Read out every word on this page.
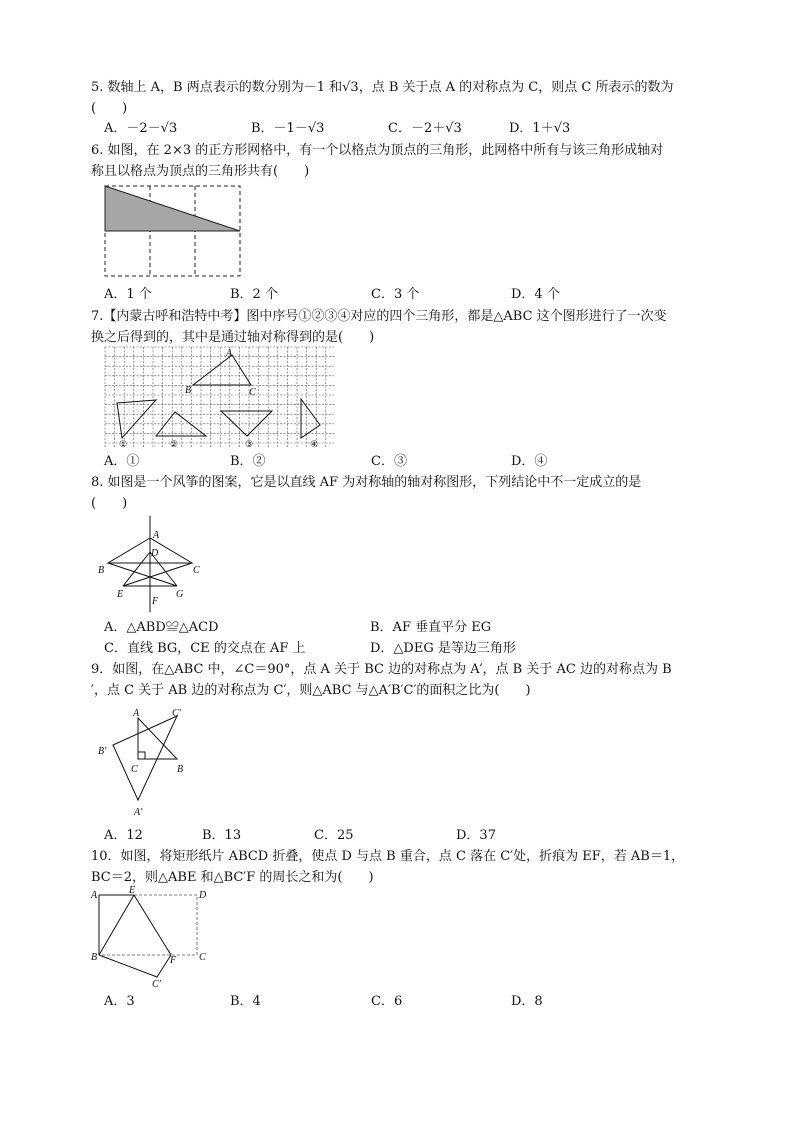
5. 数轴上 A，B 两点表示的数分别为－1 和√3，点 B 关于点 A 的对称点为 C，则点 C 所表示的数为
(　　)
A．－2－√3	B．－1－√3	C．－2＋√3	D．1＋√3
6. 如图，在 2×3 的正方形网格中，有一个以格点为顶点的三角形，此网格中所有与该三角形成轴对
称且以格点为顶点的三角形共有(　　)
A．1 个	B．2 个	C．3 个	D．4 个
7.【内蒙古呼和浩特中考】图中序号①②③④对应的四个三角形，都是△ABC 这个图形进行了一次变
换之后得到的，其中是通过轴对称得到的是(　　)
A
B	C
①	②	③	④
A．①	B．②	C．③	D．④
8. 如图是一个风筝的图案，它是以直线 AF 为对称轴的轴对称图形，下列结论中不一定成立的是
(　　)
A
D
B	C
E	G
F
A．△ABD≌△ACD	B．AF 垂直平分 EG
C．直线 BG，CE 的交点在 AF 上	D．△DEG 是等边三角形
9．如图，在△ABC 中，∠C＝90°，点 A 关于 BC 边的对称点为 A′，点 B 关于 AC 边的对称点为 B
′，点 C 关于 AB 边的对称点为 C′，则△ABC 与△A′B′C′的面积之比为(　　)
A	C′
B′
C	B
A′
A．12	B．13	C．25	D．37
10．如图，将矩形纸片 ABCD 折叠，使点 D 与点 B 重合，点 C 落在 C′处，折痕为 EF，若 AB＝1，
BC＝2，则△ABE 和△BC′F 的周长之和为(　　)
A	E	D
B	F C
C′
A．3	B．4	C．6	D．8
